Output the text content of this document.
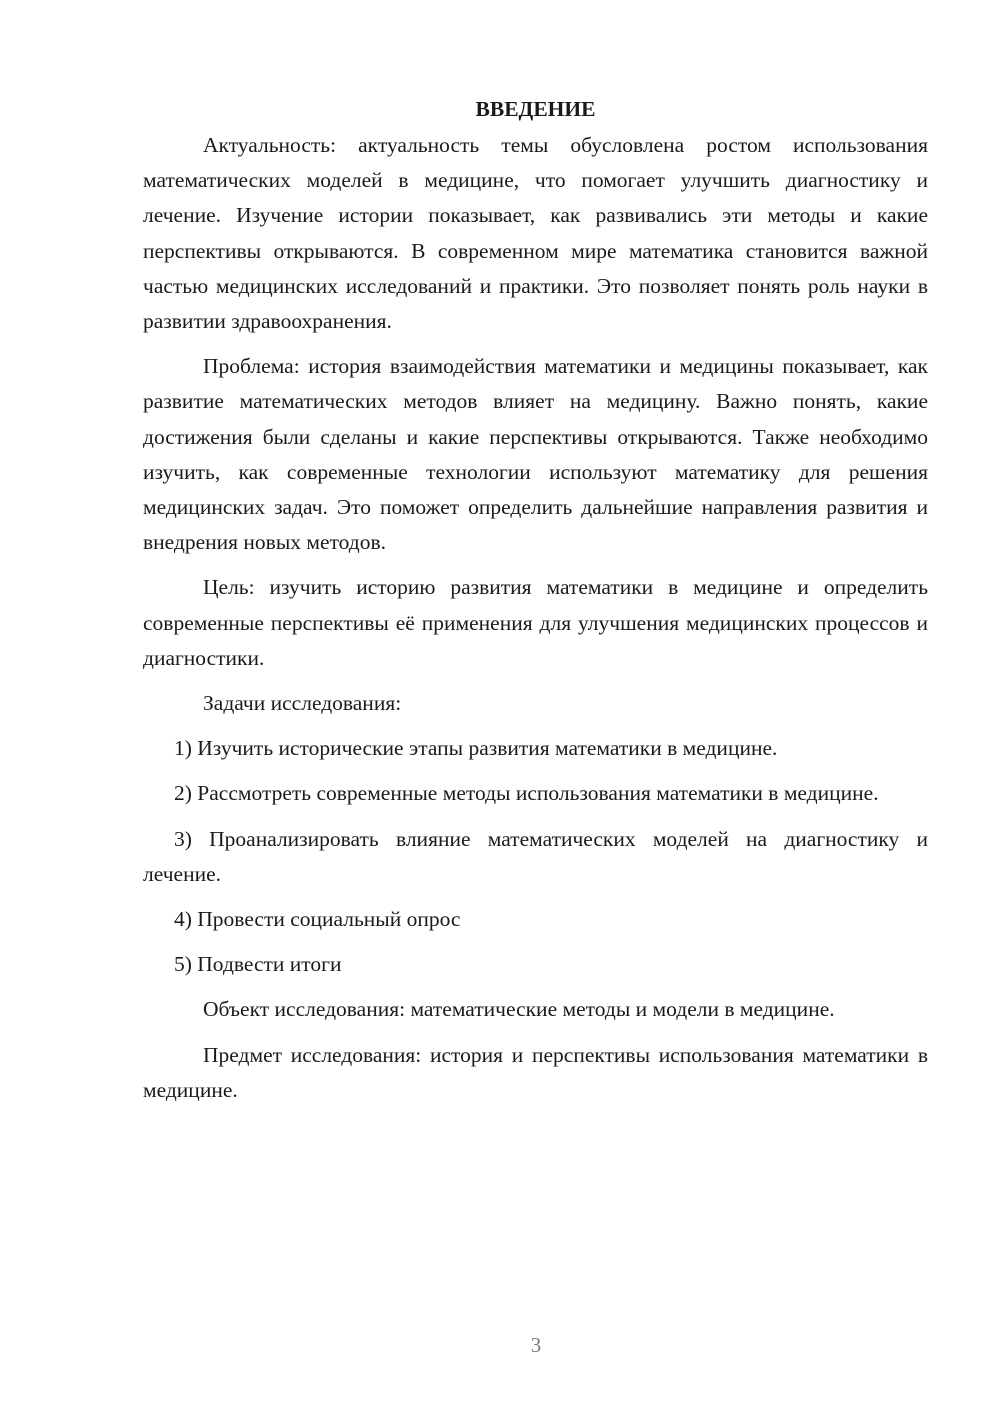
ВВЕДЕНИЕ

Актуальность: актуальность темы обусловлена ростом использования математических моделей в медицине, что помогает улучшить диагностику и лечение. Изучение истории показывает, как развивались эти методы и какие перспективы открываются. В современном мире математика становится важной частью медицинских исследований и практики. Это позволяет понять роль науки в развитии здравоохранения.

Проблема: история взаимодействия математики и медицины показывает, как развитие математических методов влияет на медицину. Важно понять, какие достижения были сделаны и какие перспективы открываются. Также необходимо изучить, как современные технологии используют математику для решения медицинских задач. Это поможет определить дальнейшие направления развития и внедрения новых методов.

Цель: изучить историю развития математики в медицине и определить современные перспективы её применения для улучшения медицинских процессов и диагностики.

Задачи исследования:

1) Изучить исторические этапы развития математики в медицине.

2) Рассмотреть современные методы использования математики в медицине.

3) Проанализировать влияние математических моделей на диагностику и лечение.

4) Провести социальный опрос

5) Подвести итоги

Объект исследования: математические методы и модели в медицине.

Предмет исследования: история и перспективы использования математики в медицине.

3
